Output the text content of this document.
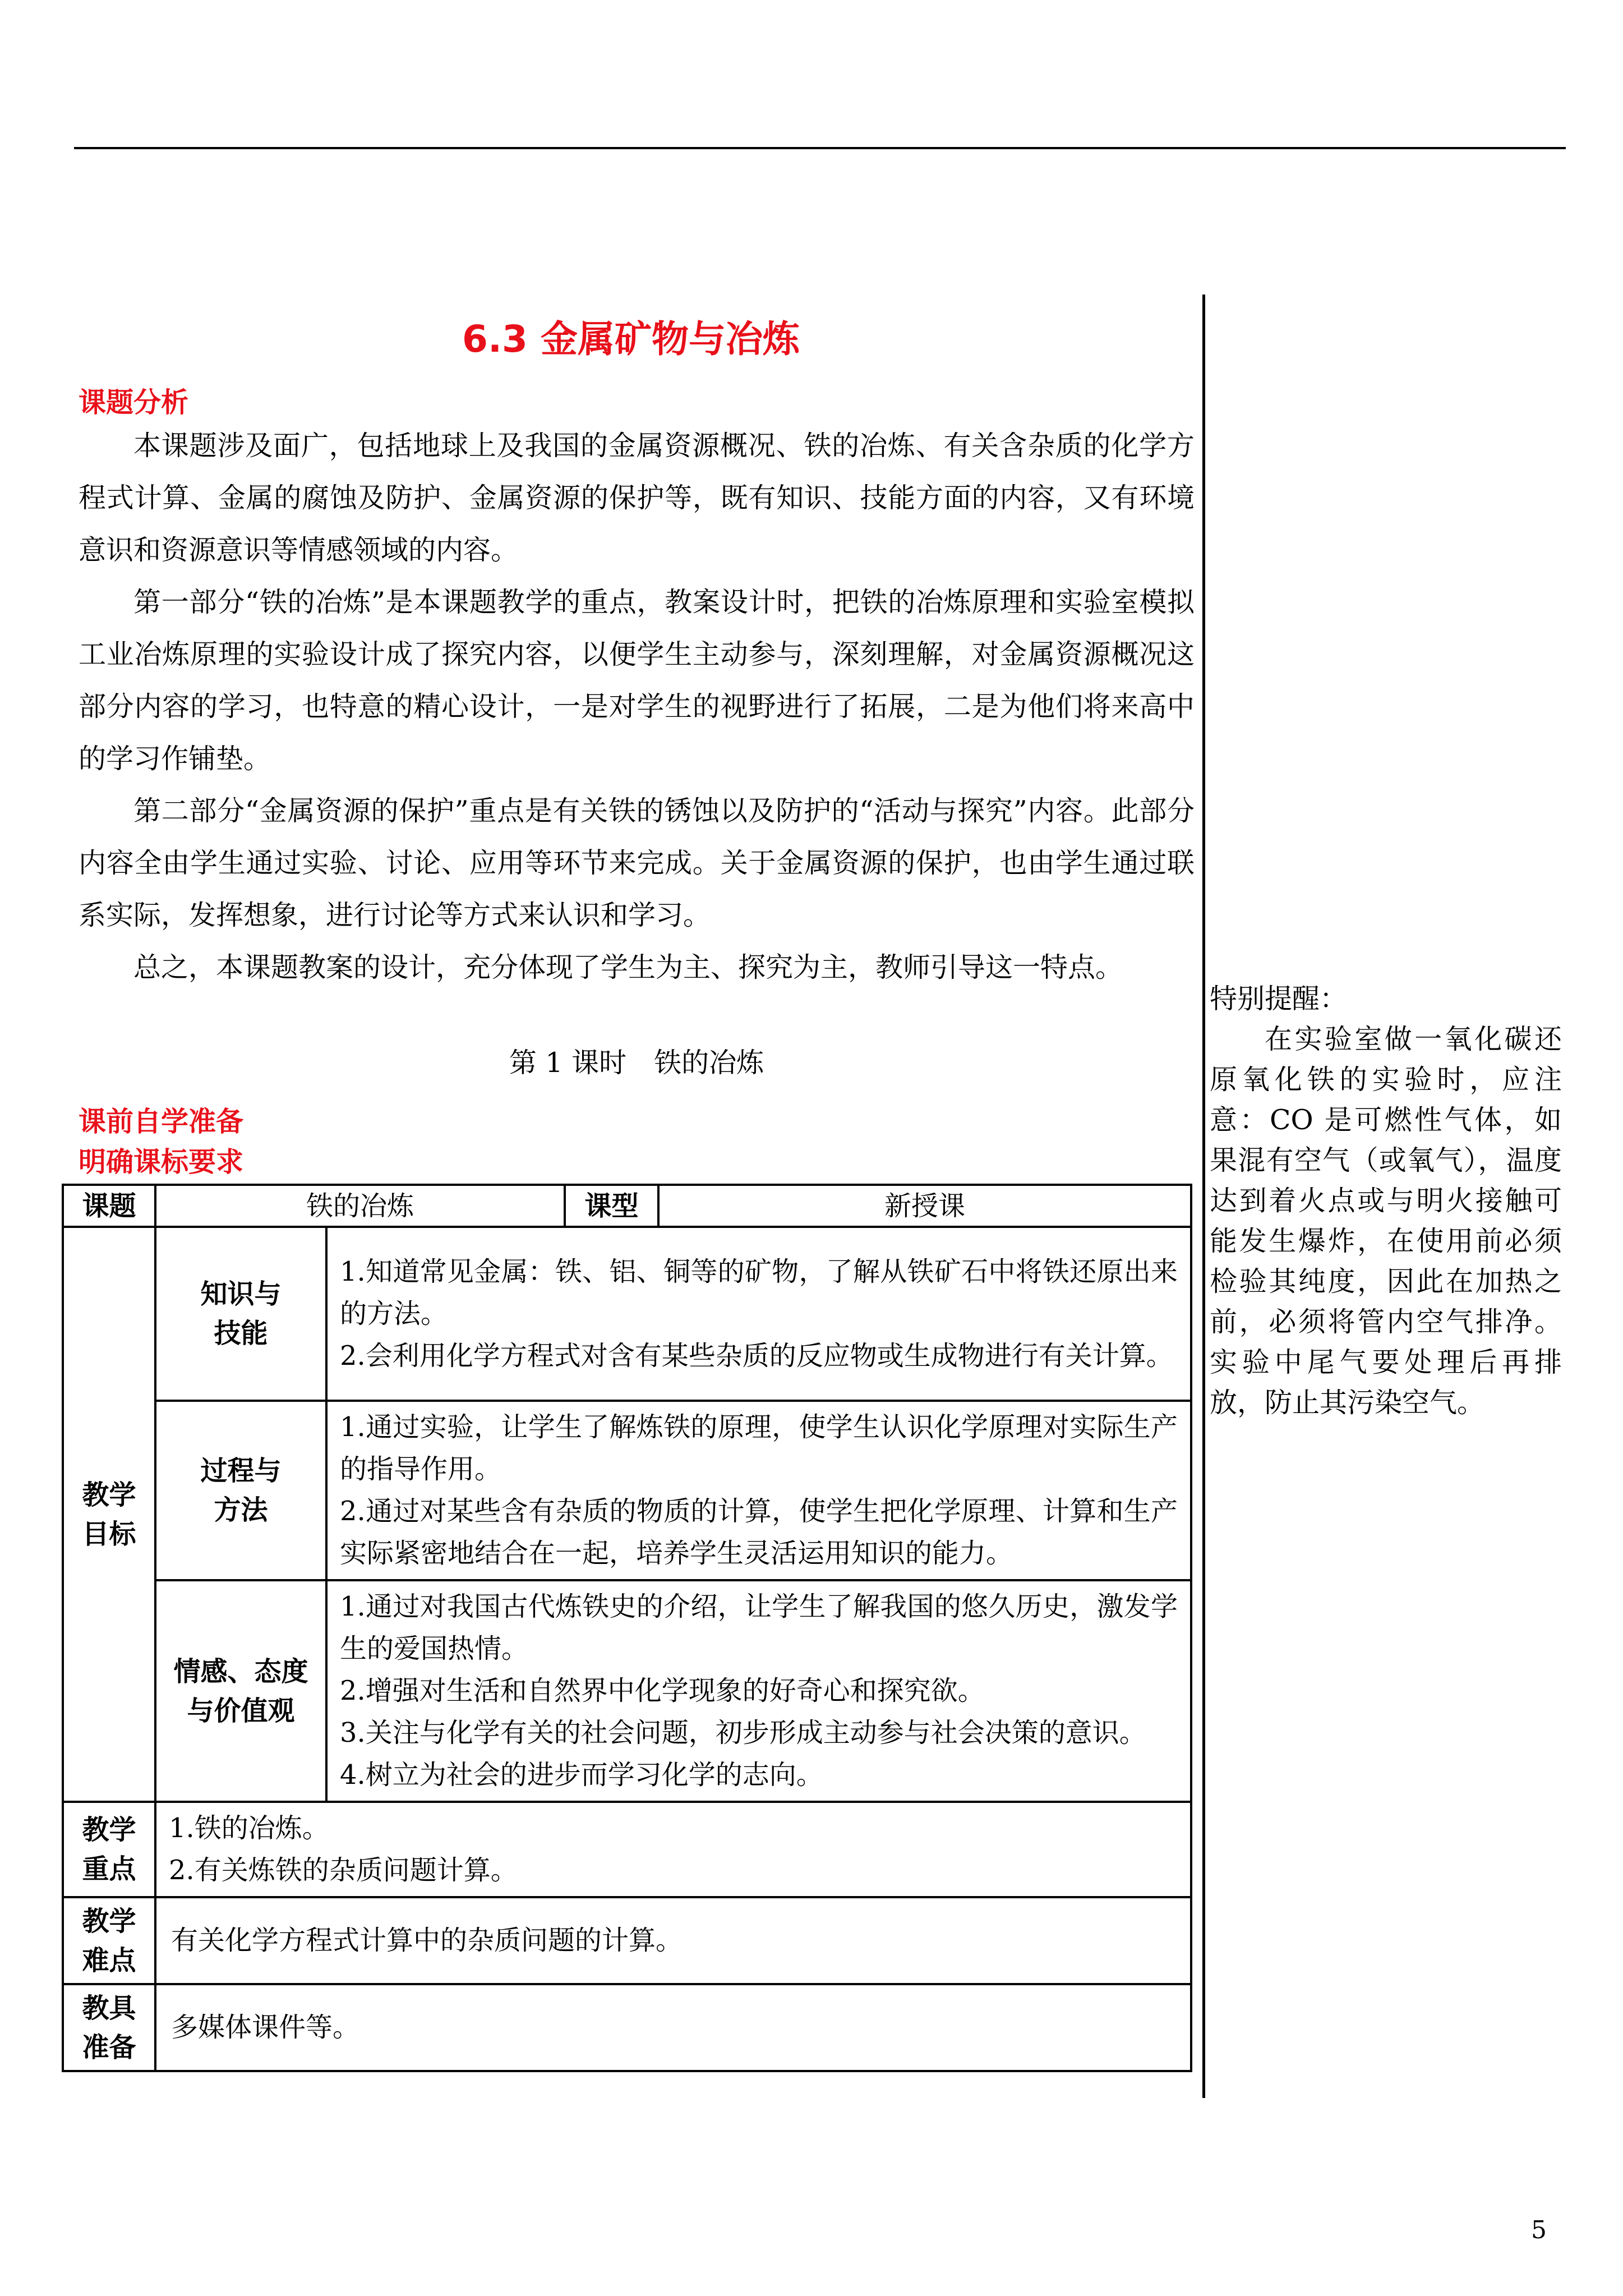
6.3 金属矿物与冶炼
课题分析

本课题涉及面广，包括地球上及我国的金属资源概况、铁的冶炼、有关含杂质的化学方程式计算、金属的腐蚀及防护、金属资源的保护等，既有知识、技能方面的内容，又有环境意识和资源意识等情感领域的内容。

第一部分“铁的冶炼”是本课题教学的重点，教案设计时，把铁的冶炼原理和实验室模拟工业冶炼原理的实验设计成了探究内容，以便学生主动参与，深刻理解，对金属资源概况这部分内容的学习，也特意的精心设计，一是对学生的视野进行了拓展，二是为他们将来高中的学习作铺垫。

第二部分“金属资源的保护”重点是有关铁的锈蚀以及防护的“活动与探究”内容。此部分内容全由学生通过实验、讨论、应用等环节来完成。关于金属资源的保护，也由学生通过联系实际，发挥想象，进行讨论等方式来认识和学习。

总之，本课题教案的设计，充分体现了学生为主、探究为主，教师引导这一特点。

第 1 课时　铁的冶炼
课前自学准备
明确课标要求
特别提醒：
在实验室做一氧化碳还原氧化铁的实验时，应注意：CO 是可燃性气体，如果混有空气（或氧气），温度达到着火点或与明火接触可能发生爆炸，在使用前必须检验其纯度，因此在加热之前，必须将管内空气排净。实验中尾气要处理后再排放，防止其污染空气。
课题	铁的冶炼		课型	新授课
教学目标	知识与技能	1.知道常见金属：铁、铝、铜等的矿物，了解从铁矿石中将铁还原出来的方法。
2.会利用化学方程式对含有某些杂质的反应物或生成物进行有关计算。		

	过程与方法	1.通过实验，让学生了解炼铁的原理，使学生认识化学原理对实际生产的指导作用。
2.通过对某些含有杂质的物质的计算，使学生把化学原理、计算和生产实际紧密地结合在一起，培养学生灵活运用知识的能力。		

	情感、态度与价值观	1.通过对我国古代炼铁史的介绍，让学生了解我国的悠久历史，激发学生的爱国热情。
2.增强对生活和自然界中化学现象的好奇心和探究欲。
3.关注与化学有关的社会问题，初步形成主动参与社会决策的意识。
4.树立为社会的进步而学习化学的志向。		

教学重点	1.铁的冶炼。
2.有关炼铁的杂质问题计算。			

教学难点	有关化学方程式计算中的杂质问题的计算。			
教具准备	多媒体课件等。			
5
